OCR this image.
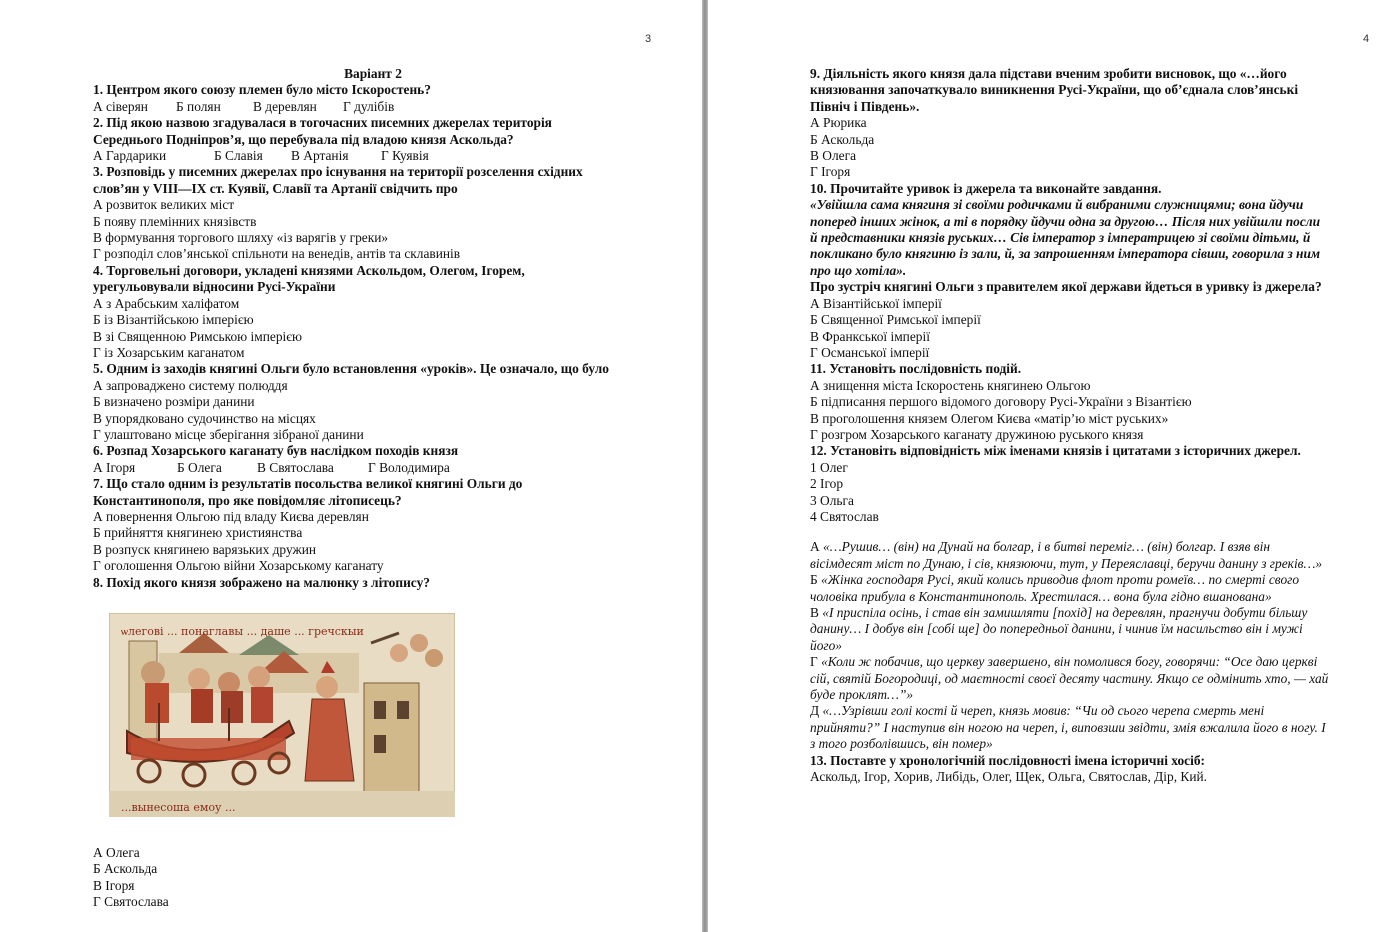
3

Варіант 2

1. Центром якого союзу племен було місто Іскоростень?

А сіверян Б полян В деревлян Г дулібів

2. Під якою назвою згадувалася в тогочасних писемних джерелах територія

Середнього Подніпров’я, що перебувала під владою князя Аскольда?

А Гардарики	Б Славія В Артанія Г Куявія

3. Розповідь у писемних джерелах про існування на території розселення східних

слов’ян у VIII—IX ст. Куявії, Славії та Артанії свідчить про

А розвиток великих міст

Б появу племінних князівств

В формування торгового шляху «із варягів у греки»

Г розподіл слов’янської спільноти на венедів, антів та склавинів

4. Торговельні договори, укладені князями Аскольдом, Олегом, Ігорем,

урегульовували відносини Русі-України

А з Арабським халіфатом

Б із Візантійською імперією

В зі Священною Римською імперією

Г із Хозарським каганатом

5. Одним із заходів княгині Ольги було встановлення «уроків». Це означало, що було

А запроваджено систему полюддя

Б визначено розміри данини

В упорядковано судочинство на місцях

Г улаштовано місце зберігання зібраної данини

6. Розпад Хозарського каганату був наслідком походів князя

А Ігоря	Б Олега	В Святослава	Г Володимира

7. Що стало одним із результатів посольства великої княгині Ольги до

Константинополя, про яке повідомляє літописець?

А повернення Ольгою під владу Києва деревлян

Б прийняття княгинею християнства

В розпуск княгинею варязьких дружин

Г оголошення Ольгою війни Хозарському каганату

8. Похід якого князя зображено на малюнку з літопису?

ѡлегові ... понаглавы ... даше ... гречскыи
...вынесоша емоу ...

А Олега

Б Аскольда

В Ігоря

Г Святослава

4

9. Діяльність якого князя дала підстави вченим зробити висновок, що «…його

князювання започаткувало виникнення Русі-України, що об’єднала слов’янські

Північ і Південь».

А Рюрика

Б Аскольда

В Олега

Г Ігоря

10. Прочитайте уривок із джерела та виконайте завдання.

«Увійшла сама княгиня зі своїми родичками й вибраними служницями; вона йдучи

поперед інших жінок, а ті в порядку йдучи одна за другою… Після них увійшли посли

й представники князів руських… Сів імператор з імператрицею зі своїми дітьми, й

покликано було княгиню із зали, й, за запрошенням імператора сівши, говорила з ним

про що хотіла».

Про зустріч княгині Ольги з правителем якої держави йдеться в уривку із джерела?

А Візантійської імперії

Б Священної Римської імперії

В Франкської імперії

Г Османської імперії

11. Установіть послідовність подій.

А знищення міста Іскоростень княгинею Ольгою

Б підписання першого відомого договору Русі-України з Візантією

В проголошення князем Олегом Києва «матір’ю міст руських»

Г розгром Хозарського каганату дружиною руського князя

12. Установіть відповідність між іменами князів і цитатами з історичних джерел.

1 Олег

2 Ігор

3 Ольга

4 Святослав

А «…Рушив… (він) на Дунай на болгар, і в битві переміг… (він) болгар. І взяв він

вісімдесят міст по Дунаю, і сів, князюючи, тут, у Переяславці, беручи данину з греків…»

Б «Жінка господаря Русі, який колись приводив флот проти ромеїв… по смерті свого

чоловіка прибула в Константинополь. Хрестилася… вона була гідно вшанована»

В «І приспіла осінь, і став він замишляти [похід] на деревлян, прагнучи добути більшу

данину… І добув він [собі ще] до попередньої данини, і чинив їм насильство він і мужі

його»

Г «Коли ж побачив, що церкву завершено, він помолився богу, говорячи: “Осе даю церкві

сій, святій Богородиці, од маєтності своєї десяту частину. Якщо се одмінить хто, — хай

буде проклят…”»

Д «…Узрівши голі кості й череп, князь мовив: “Чи од сього черепа смерть мені

прийняти?” І наступив він ногою на череп, і, виповзши звідти, змія вжалила його в ногу. І

з того розболівшись, він помер»

13. Поставте у хронологічній послідовності імена історичні хосіб:

Аскольд, Ігор, Хорив, Либідь, Олег, Щек, Ольга, Святослав, Дір, Кий.
